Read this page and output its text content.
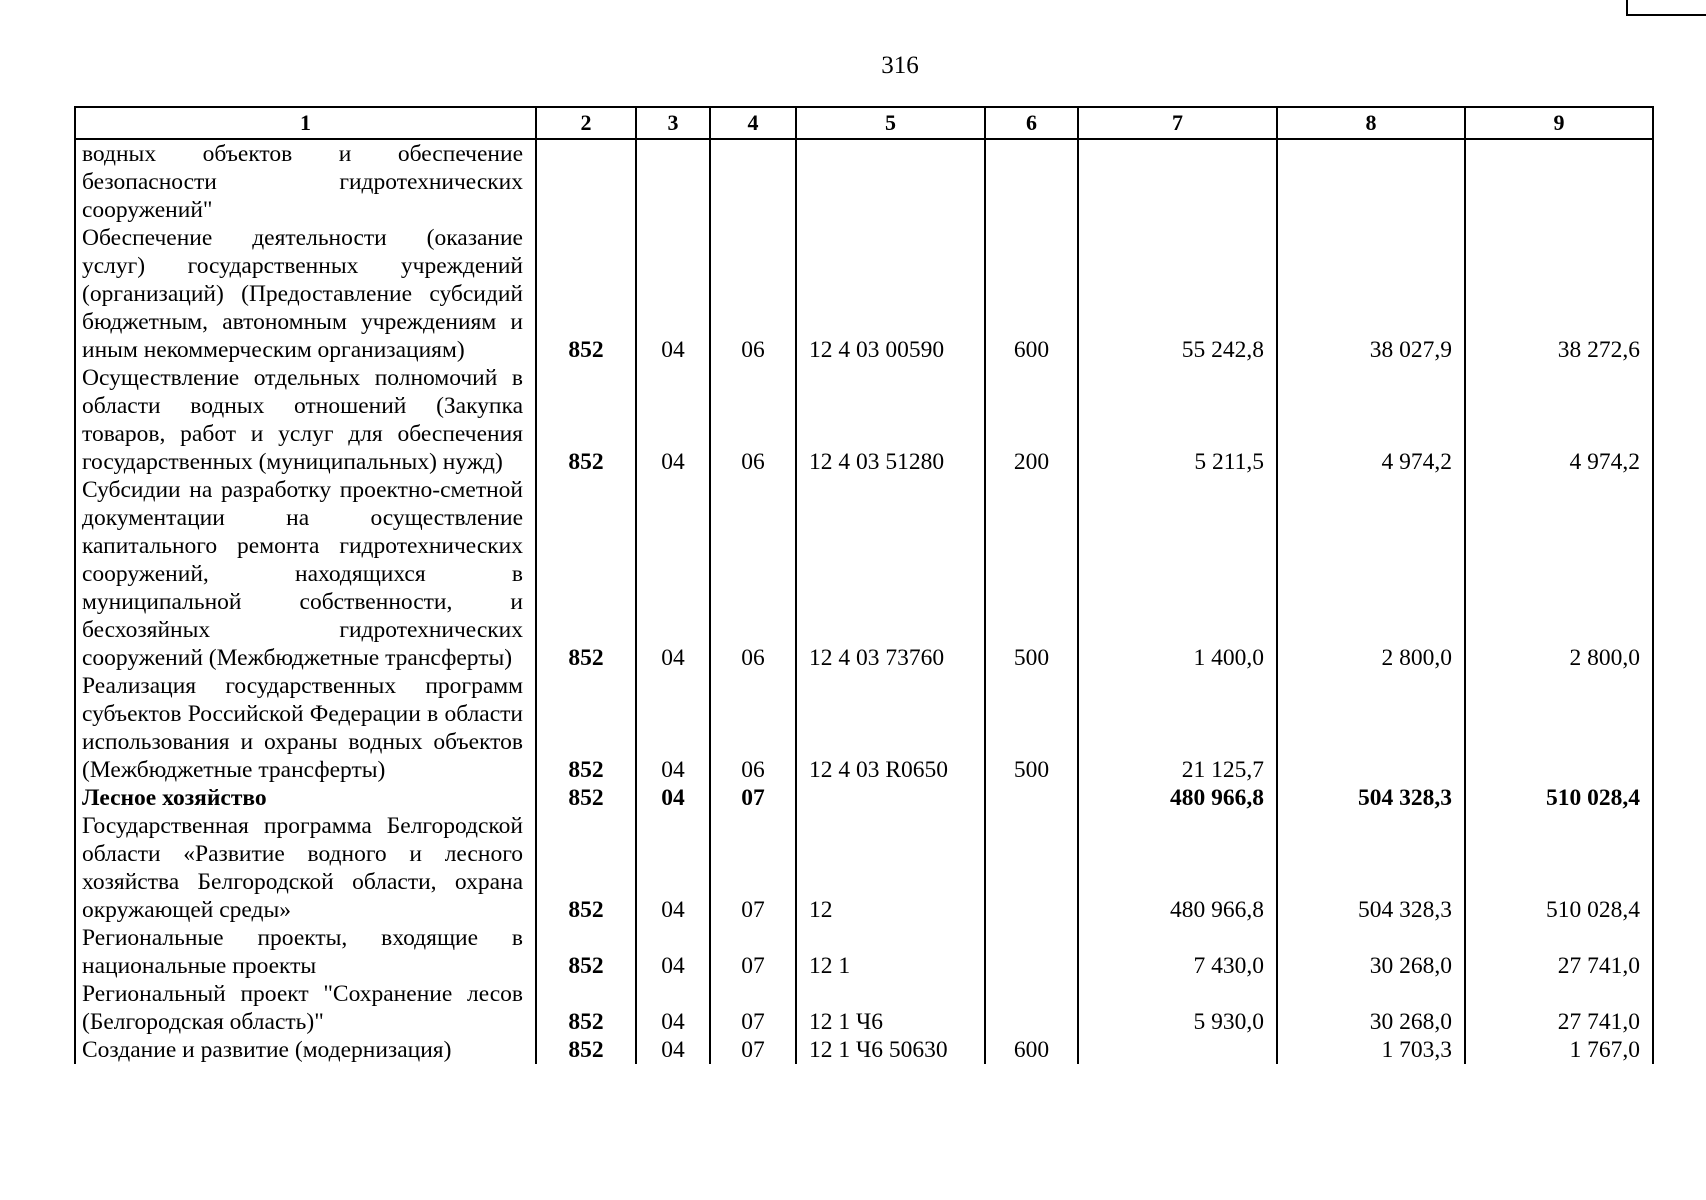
316
1	2	3	4	5	6	7	8	9
водных объектов и обеспечение безопасности гидротехнических сооружений"								
Обеспечение деятельности (оказание услуг) государственных учреждений (организаций) (Предоставление субсидий бюджетным, автономным учреждениям и иным некоммерческим организациям)	852	04	06	12 4 03 00590	600	55 242,8	38 027,9	38 272,6
Осуществление отдельных полномочий в области водных отношений (Закупка товаров, работ и услуг для обеспечения государственных (муниципальных) нужд)	852	04	06	12 4 03 51280	200	5 211,5	4 974,2	4 974,2
Субсидии на разработку проектно-сметной документации на осуществление капитального ремонта гидротехнических сооружений, находящихся в муниципальной собственности, и бесхозяйных гидротехнических сооружений (Межбюджетные трансферты)	852	04	06	12 4 03 73760	500	1 400,0	2 800,0	2 800,0
Реализация государственных программ субъектов Российской Федерации в области использования и охраны водных объектов (Межбюджетные трансферты)	852	04	06	12 4 03 R0650	500	21 125,7		
Лесное хозяйство	852	04	07			480 966,8	504 328,3	510 028,4
Государственная программа Белгородской области «Развитие водного и лесного хозяйства Белгородской области, охрана окружающей среды»	852	04	07	12		480 966,8	504 328,3	510 028,4
Региональные проекты, входящие в национальные проекты	852	04	07	12 1		7 430,0	30 268,0	27 741,0
Региональный проект "Сохранение лесов (Белгородская область)"	852	04	07	12 1 Ч6		5 930,0	30 268,0	27 741,0
Создание и развитие (модернизация)	852	04	07	12 1 Ч6 50630	600		1 703,3	1 767,0
